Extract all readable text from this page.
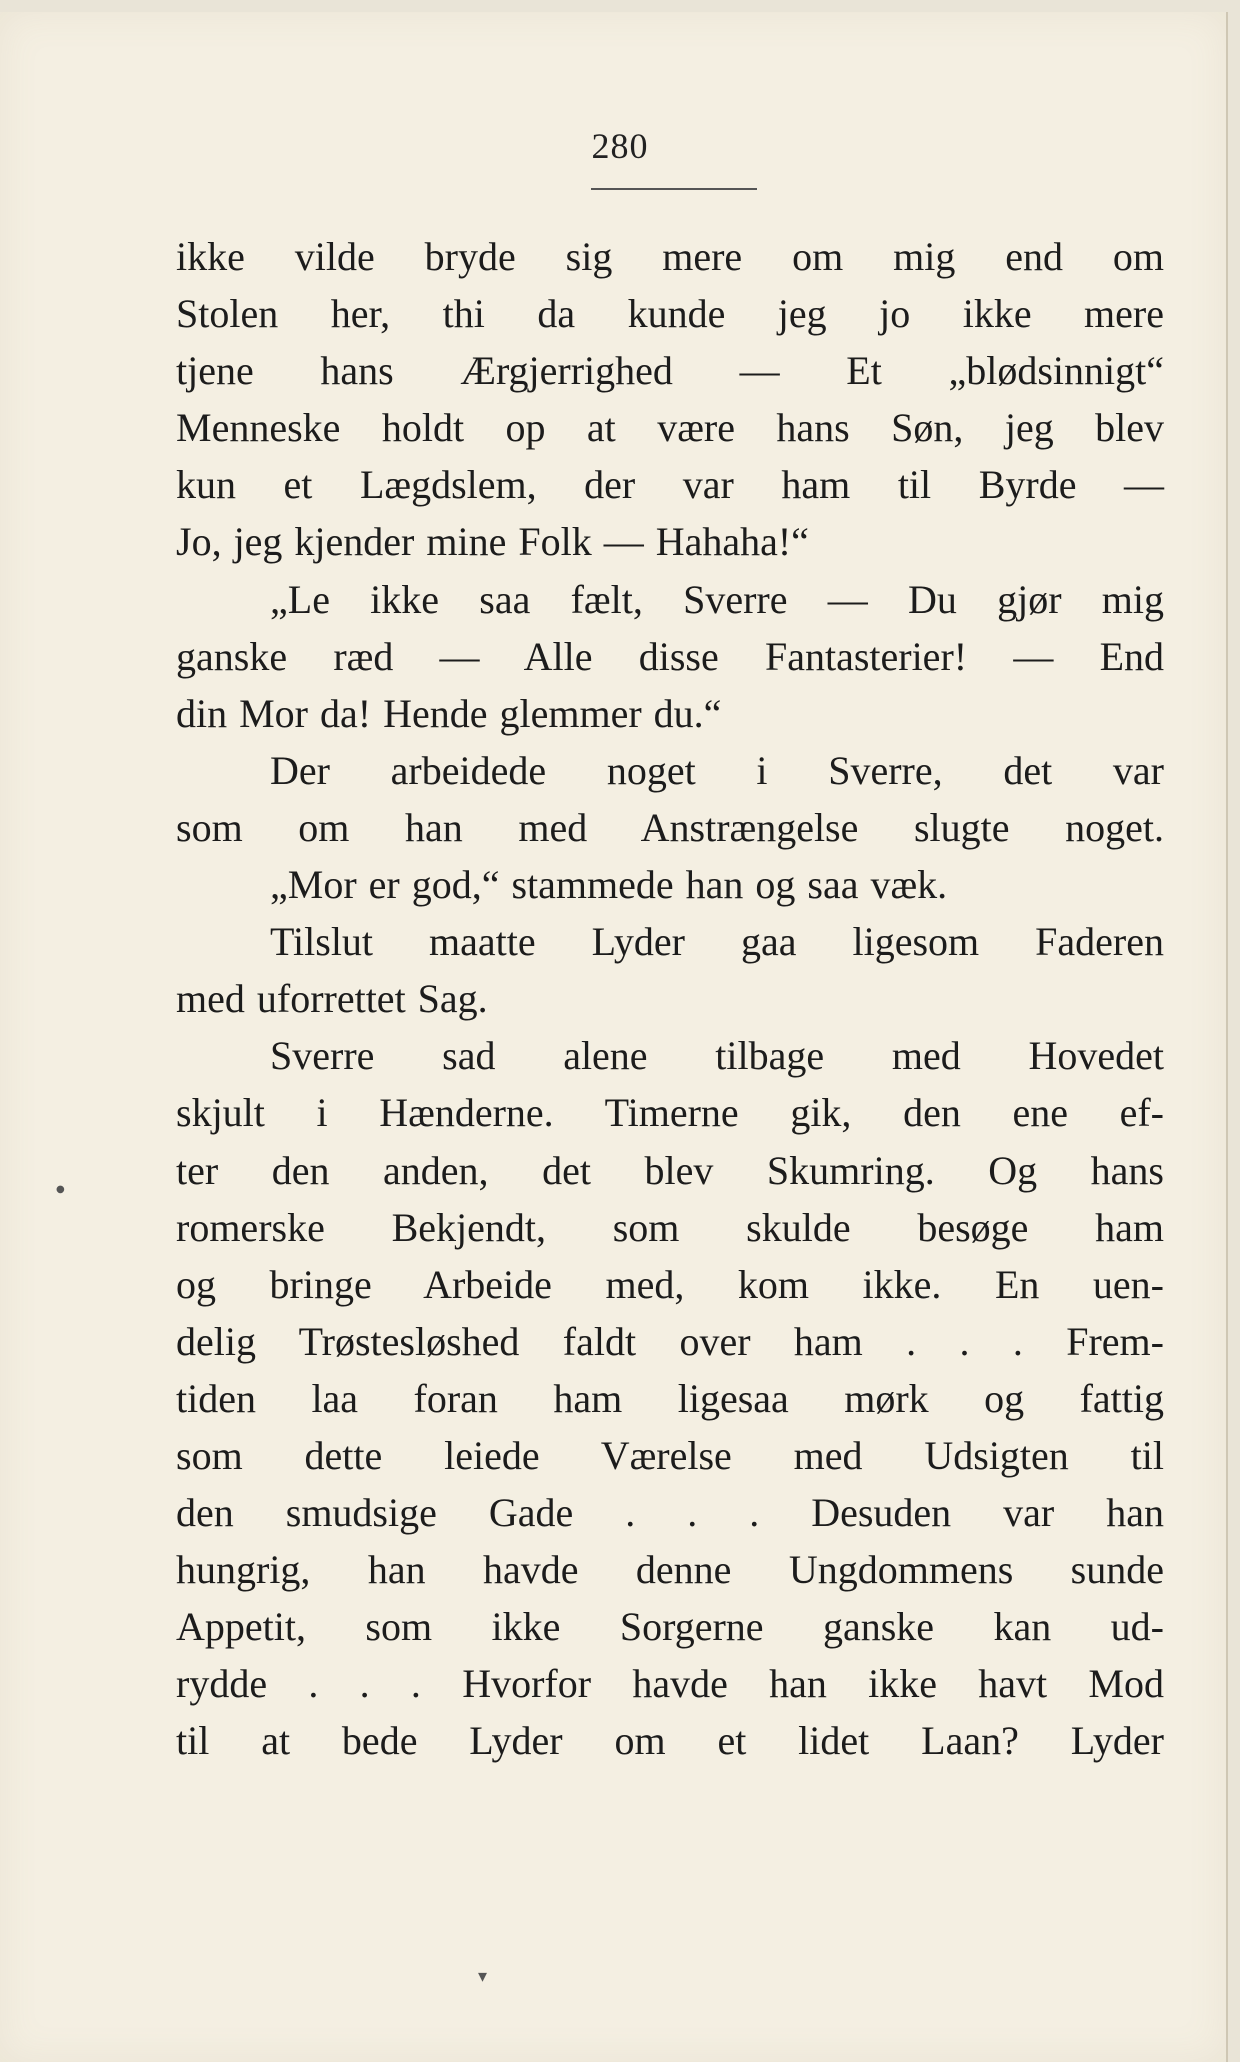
280
ikke vilde bryde sig mere om mig end om
Stolen her, thi da kunde jeg jo ikke mere
tjene hans Ærgjerrighed — Et „blødsinnigt“
Menneske holdt op at være hans Søn, jeg blev
kun et Lægdslem, der var ham til Byrde —
Jo, jeg kjender mine Folk — Hahaha!“
„Le ikke saa fælt, Sverre — Du gjør mig
ganske ræd — Alle disse Fantasterier! — End
din Mor da! Hende glemmer du.“
Der arbeidede noget i Sverre, det var
som om han med Anstrængelse slugte noget.
„Mor er god,“ stammede han og saa væk.
Tilslut maatte Lyder gaa ligesom Faderen
med uforrettet Sag.
Sverre sad alene tilbage med Hovedet
skjult i Hænderne. Timerne gik, den ene ef-
ter den anden, det blev Skumring. Og hans
romerske Bekjendt, som skulde besøge ham
og bringe Arbeide med, kom ikke. En uen-
delig Trøstesløshed faldt over ham . . . Frem-
tiden laa foran ham ligesaa mørk og fattig
som dette leiede Værelse med Udsigten til
den smudsige Gade . . . Desuden var han
hungrig, han havde denne Ungdommens sunde
Appetit, som ikke Sorgerne ganske kan ud-
rydde . . . Hvorfor havde han ikke havt Mod
til at bede Lyder om et lidet Laan? Lyder
▾
●
